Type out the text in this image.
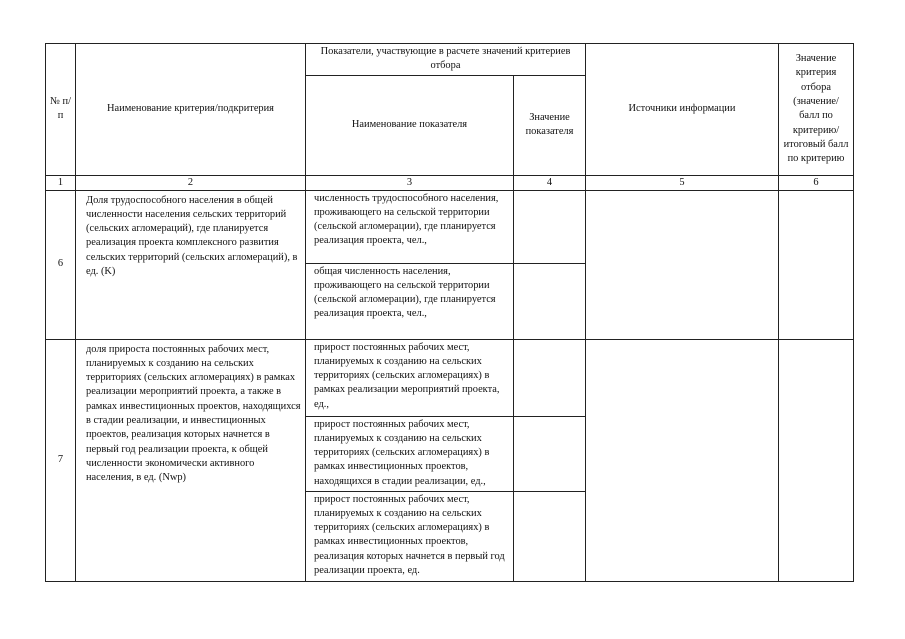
№ п/п	Наименование критерия/подкритерия	Показатели, участвующие в расчете значений критериев отбора		Источники информации	Значение критерия отбора (значение/ балл по критерию/ итоговый балл по критерию
		Наименование показателя	Значение показателя		
1	2	3	4	5	6
6	Доля трудоспособного населения в общей численности населения сельских территорий (сельских агломераций), где планируется реализация проекта комплексного развития сельских территорий (сельских агломераций), в ед. (K)	численность трудоспособного населения, проживающего на сельской территории (сельской агломерации), где планируется реализация проекта, чел.,			
		общая численность населения, проживающего на сельской территории (сельской агломерации), где планируется реализация проекта, чел.,			
7	доля прироста постоянных рабочих мест, планируемых к созданию на сельских территориях (сельских агломерациях) в рамках реализации мероприятий проекта, а также в рамках инвестиционных проектов, находящихся в стадии реализации, и инвестиционных проектов, реализация которых начнется в первый год реализации проекта, к общей численности экономически активного населения, в ед. (Nwp)	прирост постоянных рабочих мест, планируемых к созданию на сельских территориях (сельских агломерациях) в рамках реализации мероприятий проекта, ед.,			
		прирост постоянных рабочих мест, планируемых к созданию на сельских территориях (сельских агломерациях) в рамках инвестиционных проектов, находящихся в стадии реализации, ед.,			
		прирост постоянных рабочих мест, планируемых к созданию на сельских территориях (сельских агломерациях) в рамках инвестиционных проектов, реализация которых начнется в первый год реализации проекта, ед.			
